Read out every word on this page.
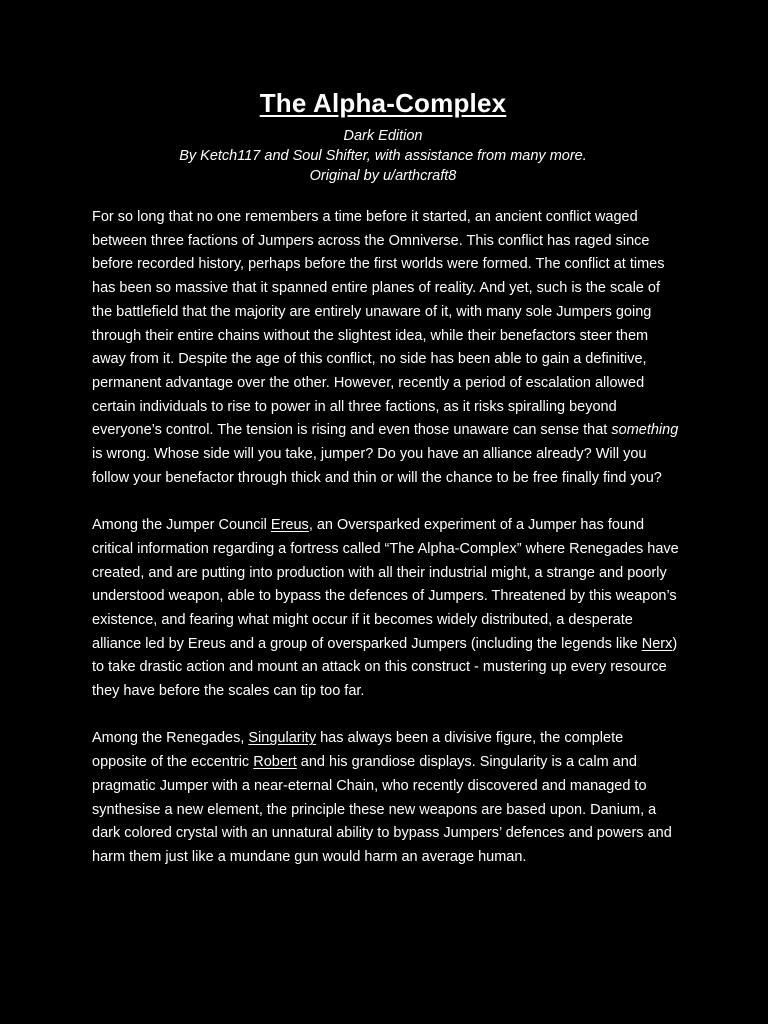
The Alpha-Complex
Dark Edition
By Ketch117 and Soul Shifter, with assistance from many more.
Original by u/arthcraft8

For so long that no one remembers a time before it started, an ancient conflict waged between three factions of Jumpers across the Omniverse. This conflict has raged since before recorded history, perhaps before the first worlds were formed. The conflict at times has been so massive that it spanned entire planes of reality. And yet, such is the scale of the battlefield that the majority are entirely unaware of it, with many sole Jumpers going through their entire chains without the slightest idea, while their benefactors steer them away from it. Despite the age of this conflict, no side has been able to gain a definitive, permanent advantage over the other. However, recently a period of escalation allowed certain individuals to rise to power in all three factions, as it risks spiralling beyond everyone’s control. The tension is rising and even those unaware can sense that something is wrong. Whose side will you take, jumper? Do you have an alliance already? Will you follow your benefactor through thick and thin or will the chance to be free finally find you?

Among the Jumper Council Ereus, an Oversparked experiment of a Jumper has found critical information regarding a fortress called “The Alpha-Complex” where Renegades have created, and are putting into production with all their industrial might, a strange and poorly understood weapon, able to bypass the defences of Jumpers. Threatened by this weapon’s existence, and fearing what might occur if it becomes widely distributed, a desperate alliance led by Ereus and a group of oversparked Jumpers (including the legends like Nerx) to take drastic action and mount an attack on this construct - mustering up every resource they have before the scales can tip too far.

Among the Renegades, Singularity has always been a divisive figure, the complete opposite of the eccentric Robert and his grandiose displays. Singularity is a calm and pragmatic Jumper with a near-eternal Chain, who recently discovered and managed to synthesise a new element, the principle these new weapons are based upon. Danium, a dark colored crystal with an unnatural ability to bypass Jumpers’ defences and powers and harm them just like a mundane gun would harm an average human.
